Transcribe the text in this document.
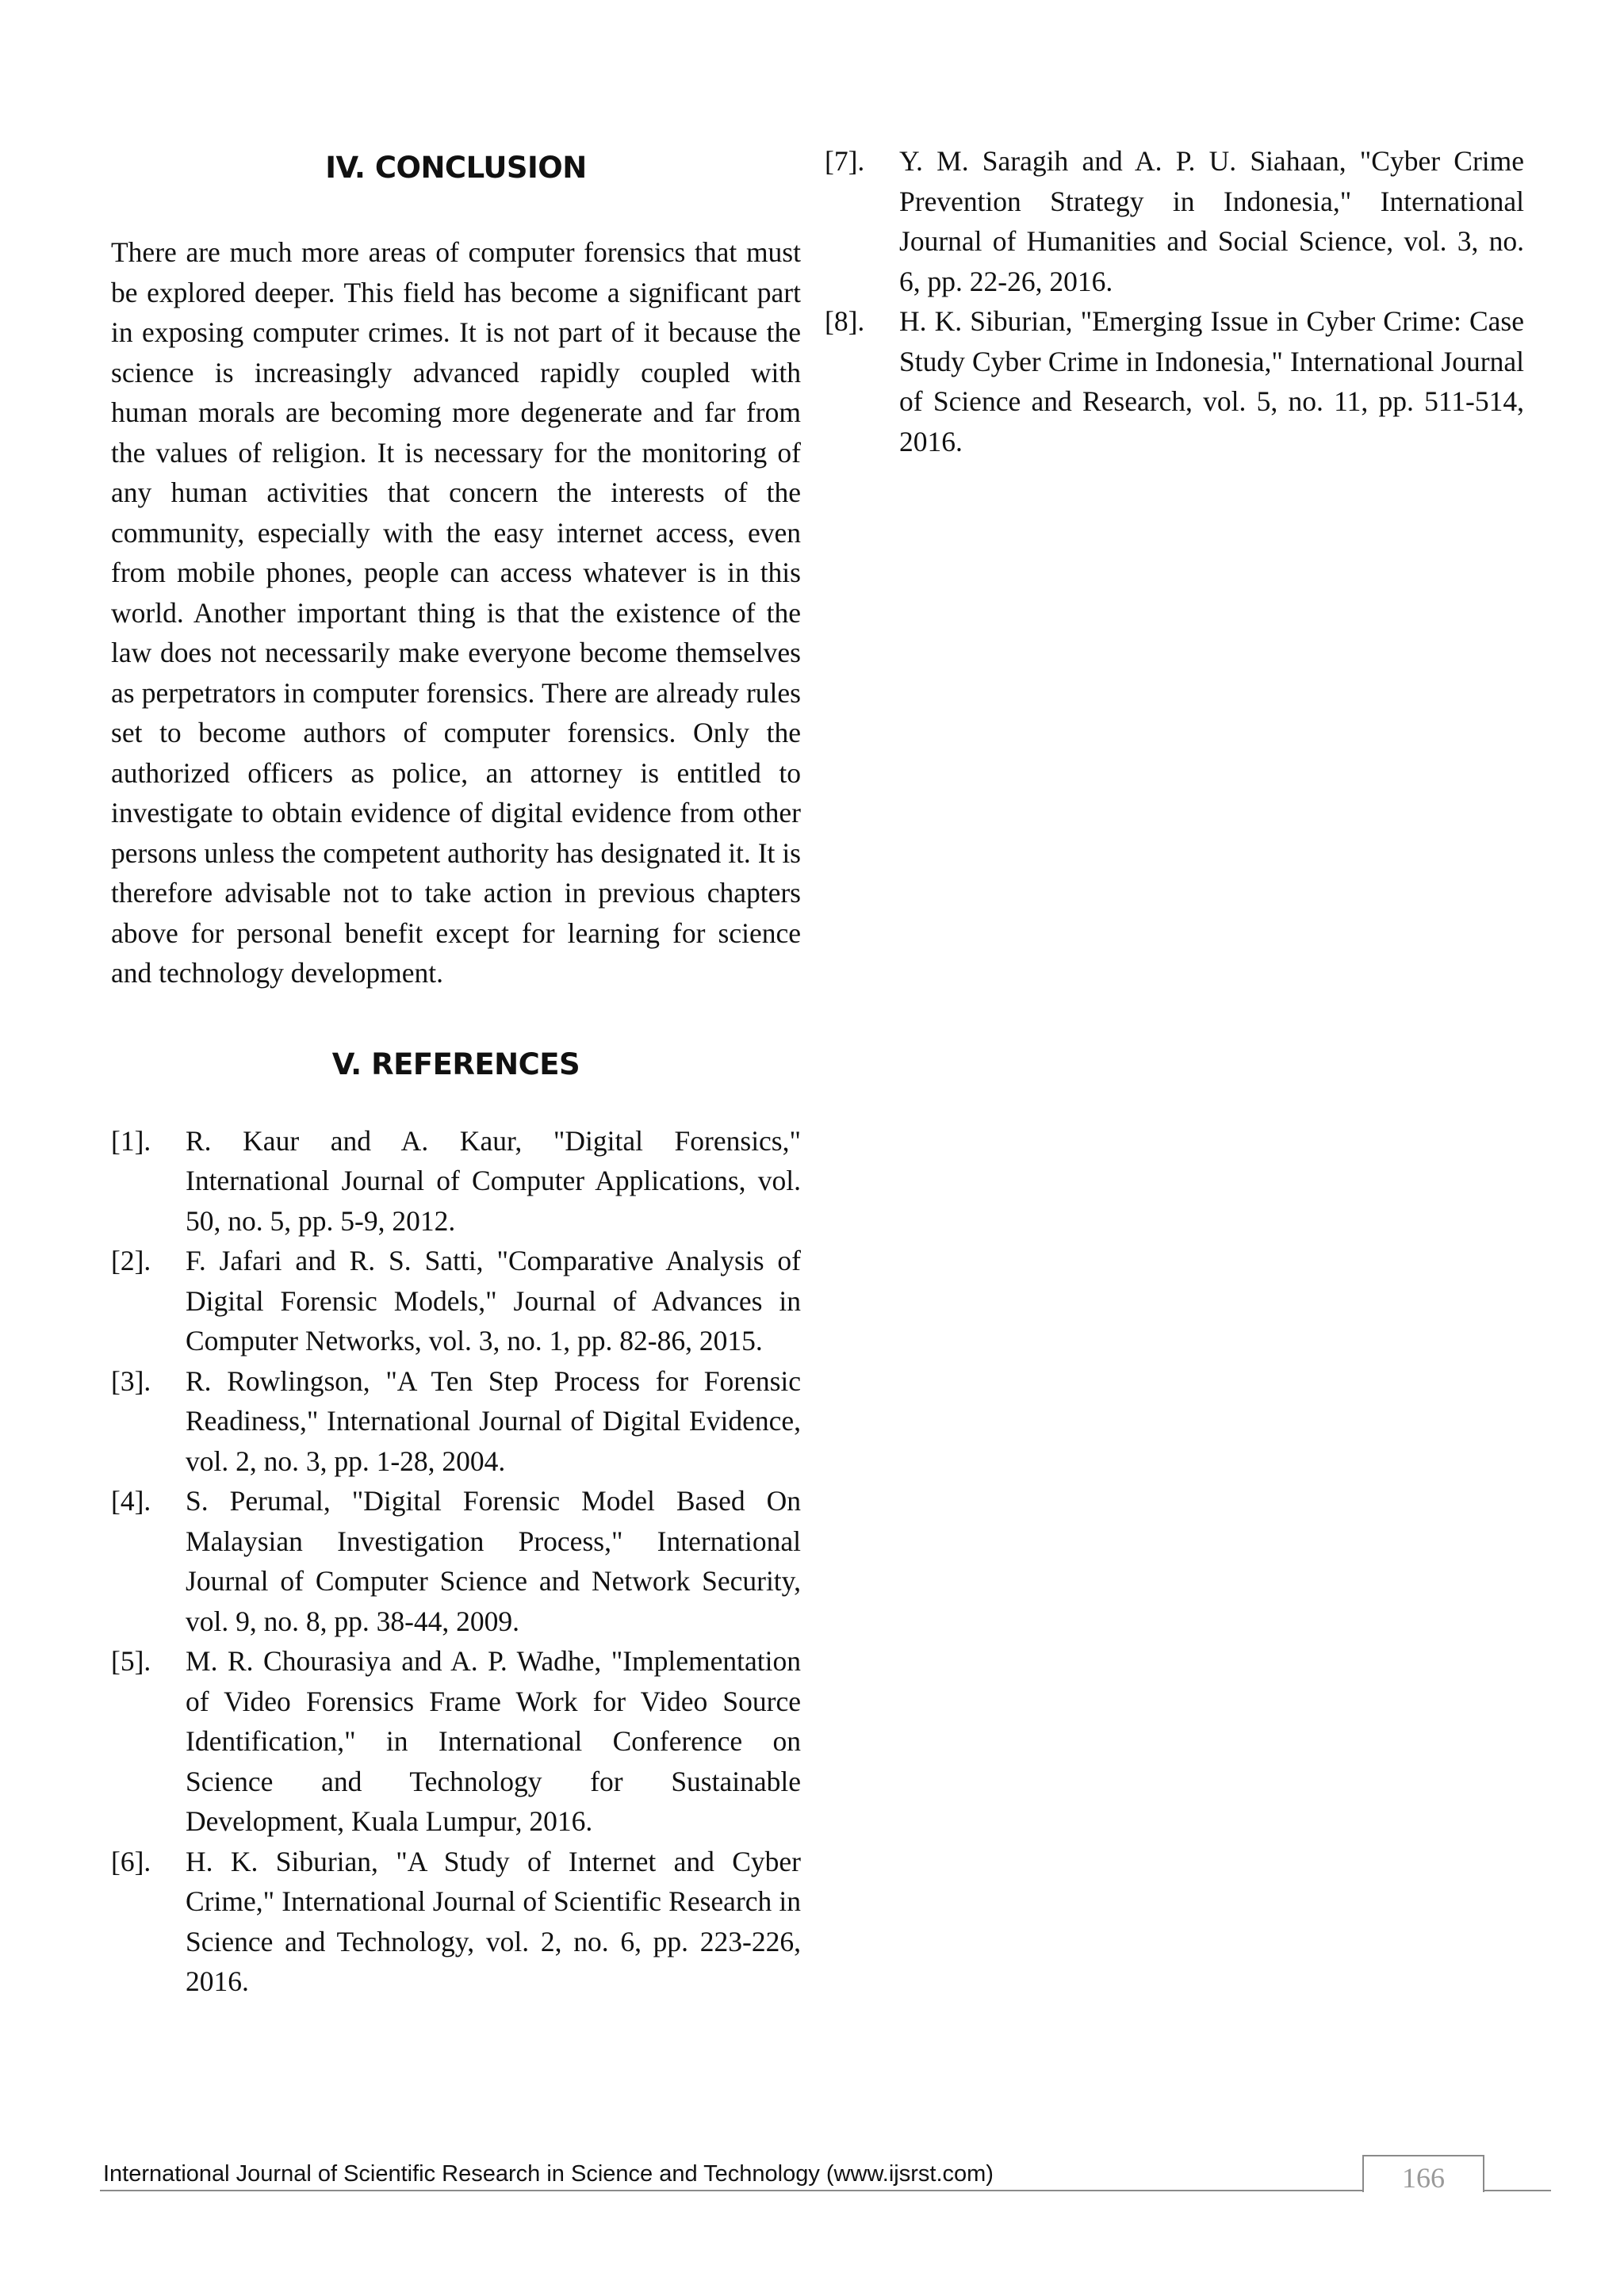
IV. CONCLUSION

There are much more areas of computer forensics that must be explored deeper. This field has become a significant part in exposing computer crimes. It is not part of it because the science is increasingly advanced rapidly coupled with human morals are becoming more degenerate and far from the values of religion. It is necessary for the monitoring of any human activities that concern the interests of the community, especially with the easy internet access, even from mobile phones, people can access whatever is in this world. Another important thing is that the existence of the law does not necessarily make everyone become themselves as perpetrators in computer forensics. There are already rules set to become authors of computer forensics. Only the authorized officers as police, an attorney is entitled to investigate to obtain evidence of digital evidence from other persons unless the competent authority has designated it. It is therefore advisable not to take action in previous chapters above for personal benefit except for learning for science and technology development.

V. REFERENCES
[1].	R. Kaur and A. Kaur, "Digital Forensics," International Journal of Computer Applications, vol. 50, no. 5, pp. 5-9, 2012.
[2].	F. Jafari and R. S. Satti, "Comparative Analysis of Digital Forensic Models," Journal of Advances in Computer Networks, vol. 3, no. 1, pp. 82-86, 2015.
[3].	R. Rowlingson, "A Ten Step Process for Forensic Readiness," International Journal of Digital Evidence, vol. 2, no. 3, pp. 1-28, 2004.
[4].	S. Perumal, "Digital Forensic Model Based On Malaysian Investigation Process," International Journal of Computer Science and Network Security, vol. 9, no. 8, pp. 38-44, 2009.
[5].	M. R. Chourasiya and A. P. Wadhe, "Implementation of Video Forensics Frame Work for Video Source Identification," in International Conference on Science and Technology for Sustainable Development, Kuala Lumpur, 2016.
[6].	H. K. Siburian, "A Study of Internet and Cyber Crime," International Journal of Scientific Research in Science and Technology, vol. 2, no. 6, pp. 223-226, 2016.
[7].	Y. M. Saragih and A. P. U. Siahaan, "Cyber Crime Prevention Strategy in Indonesia," International Journal of Humanities and Social Science, vol. 3, no. 6, pp. 22-26, 2016.
[8].	H. K. Siburian, "Emerging Issue in Cyber Crime: Case Study Cyber Crime in Indonesia," International Journal of Science and Research, vol. 5, no. 11, pp. 511-514, 2016.
International Journal of Scientific Research in Science and Technology (www.ijsrst.com)	166
